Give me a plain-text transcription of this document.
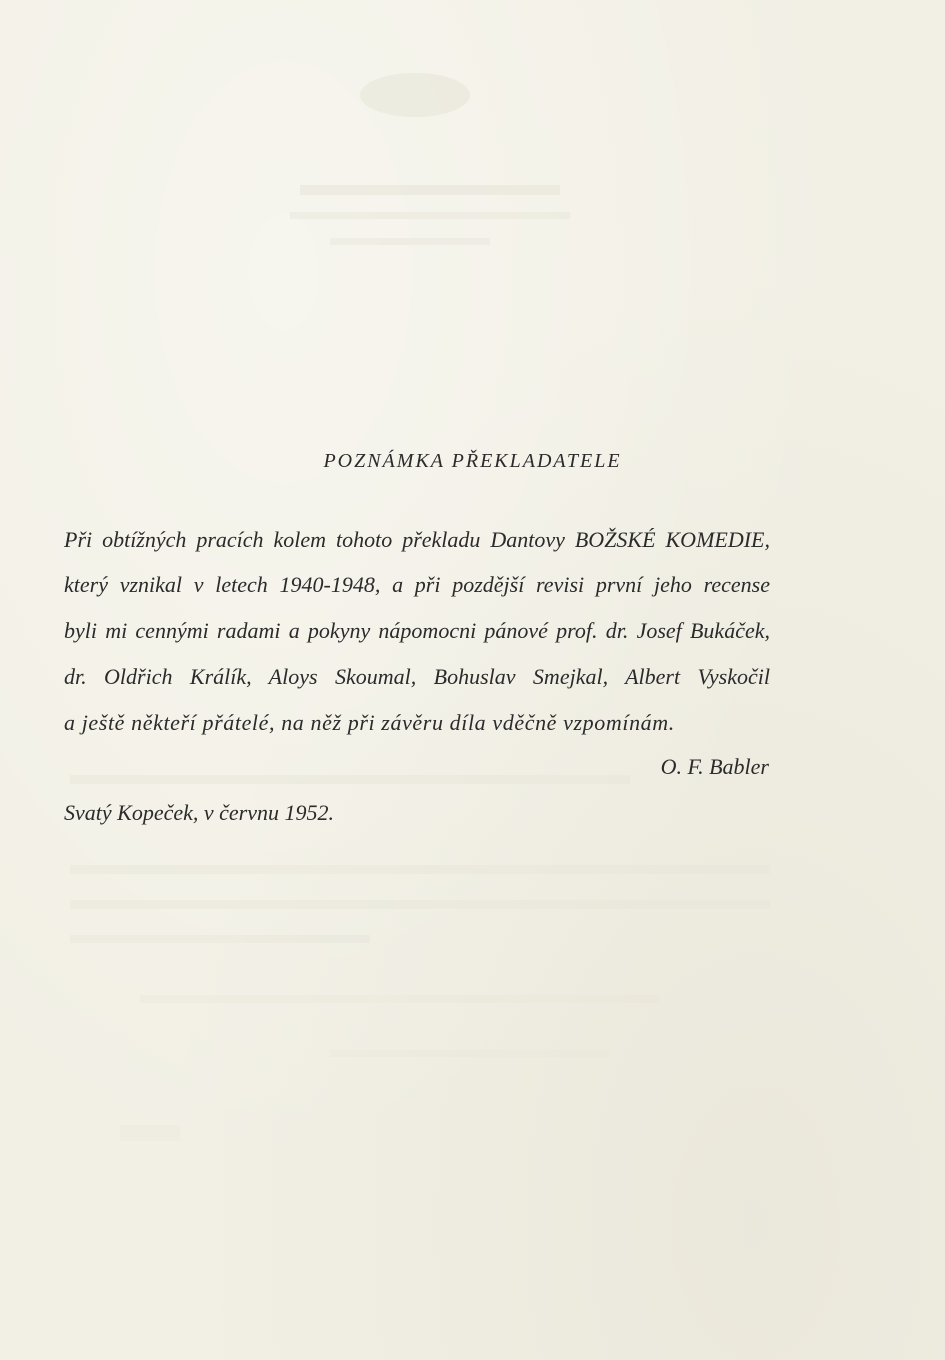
POZNÁMKA PŘEKLADATELE
Při obtížných pracích kolem tohoto překladu Dantovy BOŽSKÉ KOMEDIE,
který vznikal v letech 1940-1948, a při pozdější revisi první jeho recense
byli mi cennými radami a pokyny nápomocni pánové prof. dr. Josef Bukáček,
dr. Oldřich Králík, Aloys Skoumal, Bohuslav Smejkal, Albert Vyskočil
a ještě někteří přátelé, na něž při závěru díla vděčně vzpomínám.
O. F. Babler
Svatý Kopeček, v červnu 1952.
